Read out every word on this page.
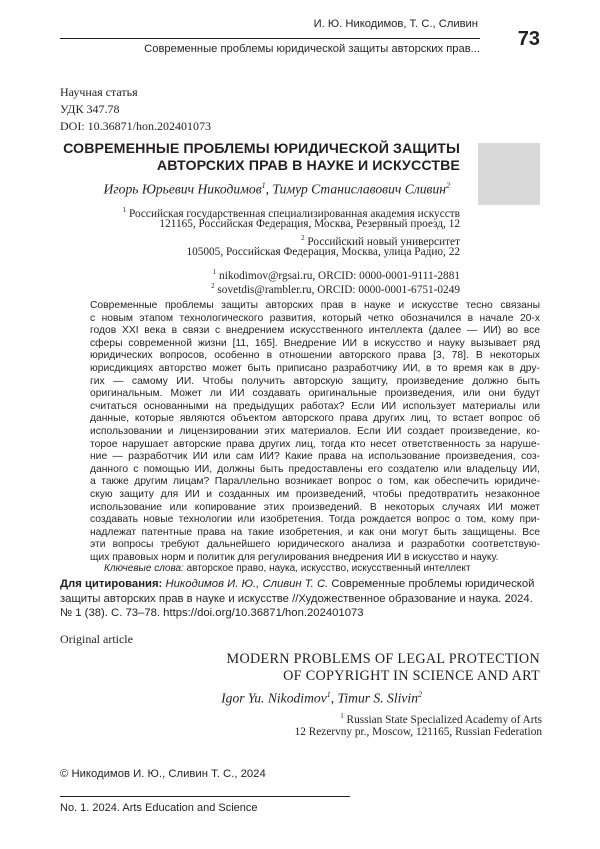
И. Ю. Никодимов, Т. С., Сливин
Современные проблемы юридической защиты авторских прав...	73
Научная статья
УДК 347.78
DOI: 10.36871/hon.202401073
СОВРЕМЕННЫЕ ПРОБЛЕМЫ ЮРИДИЧЕСКОЙ ЗАЩИТЫ
АВТОРСКИХ ПРАВ В НАУКЕ И ИСКУССТВЕ
Игорь Юрьевич Никодимов1, Тимур Станиславович Сливин2
1 Российская государственная специализированная академия искусств
121165, Российская Федерация, Москва, Резервный проезд, 12
2 Российский новый университет
105005, Российская Федерация, Москва, улица Радио, 22
1 nikodimov@rgsai.ru, ORCID: 0000-0001-9111-2881
2 sovetdis@rambler.ru, ORCID: 0000-0001-6751-0249
Современные проблемы защиты авторских прав в науке и искусстве тесно связаны
с новым этапом технологического развития, который четко обозначился в начале 20-х
годов XXI века в связи с внедрением искусственного интеллекта (далее — ИИ) во все
сферы современной жизни [11, 165]. Внедрение ИИ в искусство и науку вызывает ряд
юридических вопросов, особенно в отношении авторского права [3, 78]. В некоторых
юрисдикциях авторство может быть приписано разработчику ИИ, в то время как в дру-
гих — самому ИИ. Чтобы получить авторскую защиту, произведение должно быть
оригинальным. Может ли ИИ создавать оригинальные произведения, или они будут
считаться основанными на предыдущих работах? Если ИИ использует материалы или
данные, которые являются объектом авторского права других лиц, то встает вопрос об
использовании и лицензировании этих материалов. Если ИИ создает произведение, ко-
торое нарушает авторские права других лиц, тогда кто несет ответственность за наруше-
ние — разработчик ИИ или сам ИИ? Какие права на использование произведения, соз-
данного с помощью ИИ, должны быть предоставлены его создателю или владельцу ИИ,
а также другим лицам? Параллельно возникает вопрос о том, как обеспечить юридиче-
скую защиту для ИИ и созданных им произведений, чтобы предотвратить незаконное
использование или копирование этих произведений. В некоторых случаях ИИ может
создавать новые технологии или изобретения. Тогда рождается вопрос о том, кому при-
надлежат патентные права на такие изобретения, и как они могут быть защищены. Все
эти вопросы требуют дальнейшего юридического анализа и разработки соответствую-
щих правовых норм и политик для регулирования внедрения ИИ в искусство и науку.
Ключевые слова: авторское право, наука, искусство, искусственный интеллект
Для цитирования: Никодимов И. Ю., Сливин Т. С. Современные проблемы юридической защиты авторских прав в науке и искусстве //Художественное образование и наука. 2024. № 1 (38). С. 73–78. https://doi.org/10.36871/hon.202401073
Original article
MODERN PROBLEMS OF LEGAL PROTECTION
OF COPYRIGHT IN SCIENCE AND ART
Igor Yu. Nikodimov1, Timur S. Slivin2
1 Russian State Specialized Academy of Arts
12 Rezervny pr., Moscow, 121165, Russian Federation
© Никодимов И. Ю., Сливин Т. С., 2024
No. 1. 2024. Arts Education and Science
